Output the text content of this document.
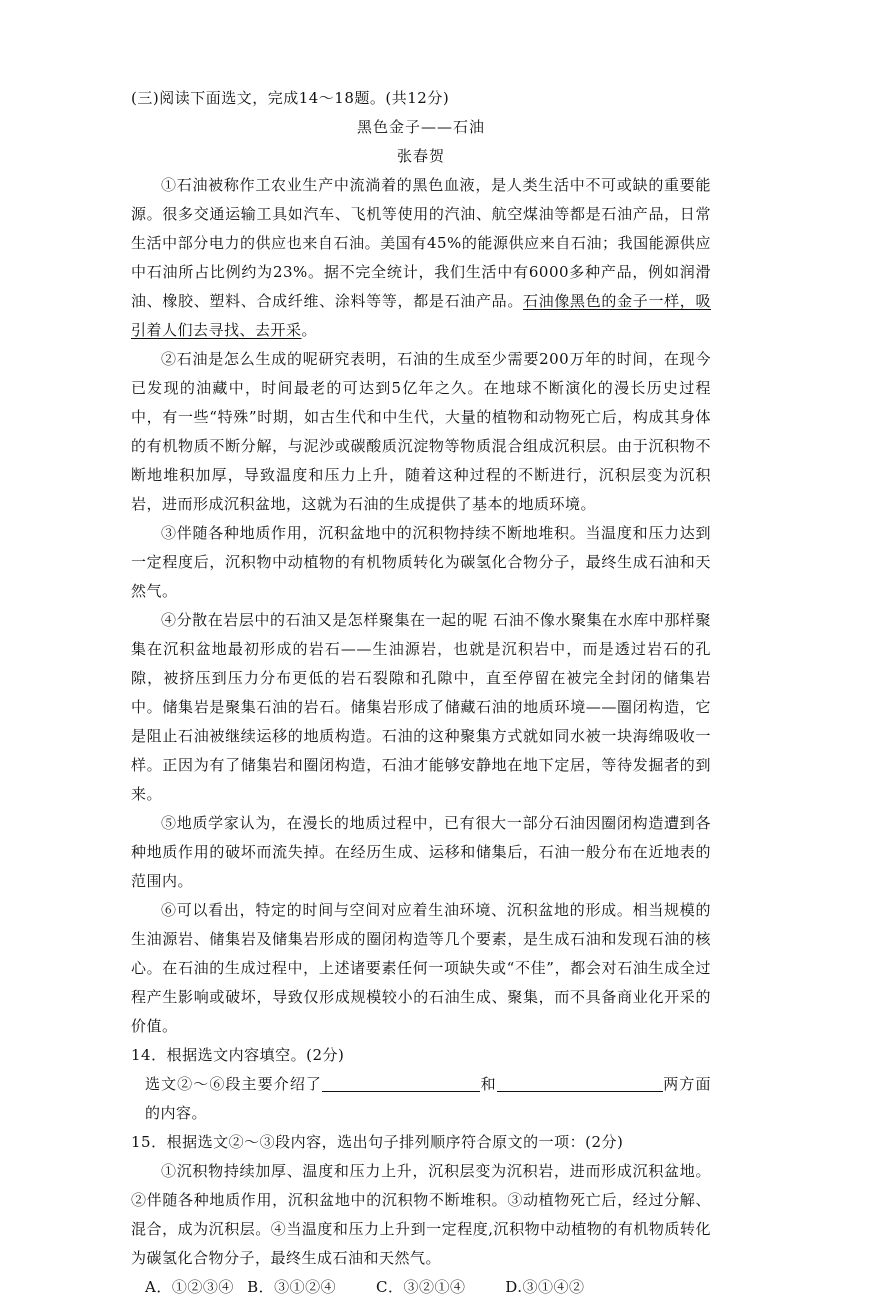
(三)阅读下面选文，完成14～18题。(共12分)
黑色金子——石油
张春贺
①石油被称作工农业生产中流淌着的黑色血液，是人类生活中不可或缺的重要能源。很多交通运输工具如汽车、飞机等使用的汽油、航空煤油等都是石油产品，日常生活中部分电力的供应也来自石油。美国有45%的能源供应来自石油；我国能源供应中石油所占比例约为23%。据不完全统计，我们生活中有6000多种产品，例如润滑油、橡胶、塑料、合成纤维、涂料等等，都是石油产品。石油像黑色的金子一样，吸引着人们去寻找、去开采。
②石油是怎么生成的呢研究表明，石油的生成至少需要200万年的时间，在现今已发现的油藏中，时间最老的可达到5亿年之久。在地球不断演化的漫长历史过程中，有一些“特殊”时期，如古生代和中生代，大量的植物和动物死亡后，构成其身体的有机物质不断分解，与泥沙或碳酸质沉淀物等物质混合组成沉积层。由于沉积物不断地堆积加厚，导致温度和压力上升，随着这种过程的不断进行，沉积层变为沉积岩，进而形成沉积盆地，这就为石油的生成提供了基本的地质环境。
③伴随各种地质作用，沉积盆地中的沉积物持续不断地堆积。当温度和压力达到一定程度后，沉积物中动植物的有机物质转化为碳氢化合物分子，最终生成石油和天然气。
④分散在岩层中的石油又是怎样聚集在一起的呢 石油不像水聚集在水库中那样聚集在沉积盆地最初形成的岩石——生油源岩，也就是沉积岩中，而是透过岩石的孔隙，被挤压到压力分布更低的岩石裂隙和孔隙中，直至停留在被完全封闭的储集岩中。储集岩是聚集石油的岩石。储集岩形成了储藏石油的地质环境——圈闭构造，它是阻止石油被继续运移的地质构造。石油的这种聚集方式就如同水被一块海绵吸收一样。正因为有了储集岩和圈闭构造，石油才能够安静地在地下定居，等待发掘者的到来。
⑤地质学家认为，在漫长的地质过程中，已有很大一部分石油因圈闭构造遭到各种地质作用的破坏而流失掉。在经历生成、运移和储集后，石油一般分布在近地表的范围内。
⑥可以看出，特定的时间与空间对应着生油环境、沉积盆地的形成。相当规模的生油源岩、储集岩及储集岩形成的圈闭构造等几个要素，是生成石油和发现石油的核心。在石油的生成过程中，上述诸要素任何一项缺失或“不佳”，都会对石油生成全过程产生影响或破坏，导致仅形成规模较小的石油生成、聚集，而不具备商业化开采的价值。
14．根据选文内容填空。(2分)
选文②～⑥段主要介绍了	和	两方面的内容。
15．根据选文②～③段内容，选出句子排列顺序符合原文的一项：(2分)
①沉积物持续加厚、温度和压力上升，沉积层变为沉积岩，进而形成沉积盆地。②伴随各种地质作用，沉积盆地中的沉积物不断堆积。③动植物死亡后，经过分解、混合，成为沉积层。④当温度和压力上升到一定程度,沉积物中动植物的有机物质转化为碳氢化合物分子，最终生成石油和天然气。
A．①②③④ B．③①②④	C．③②①④	D.③①④②
